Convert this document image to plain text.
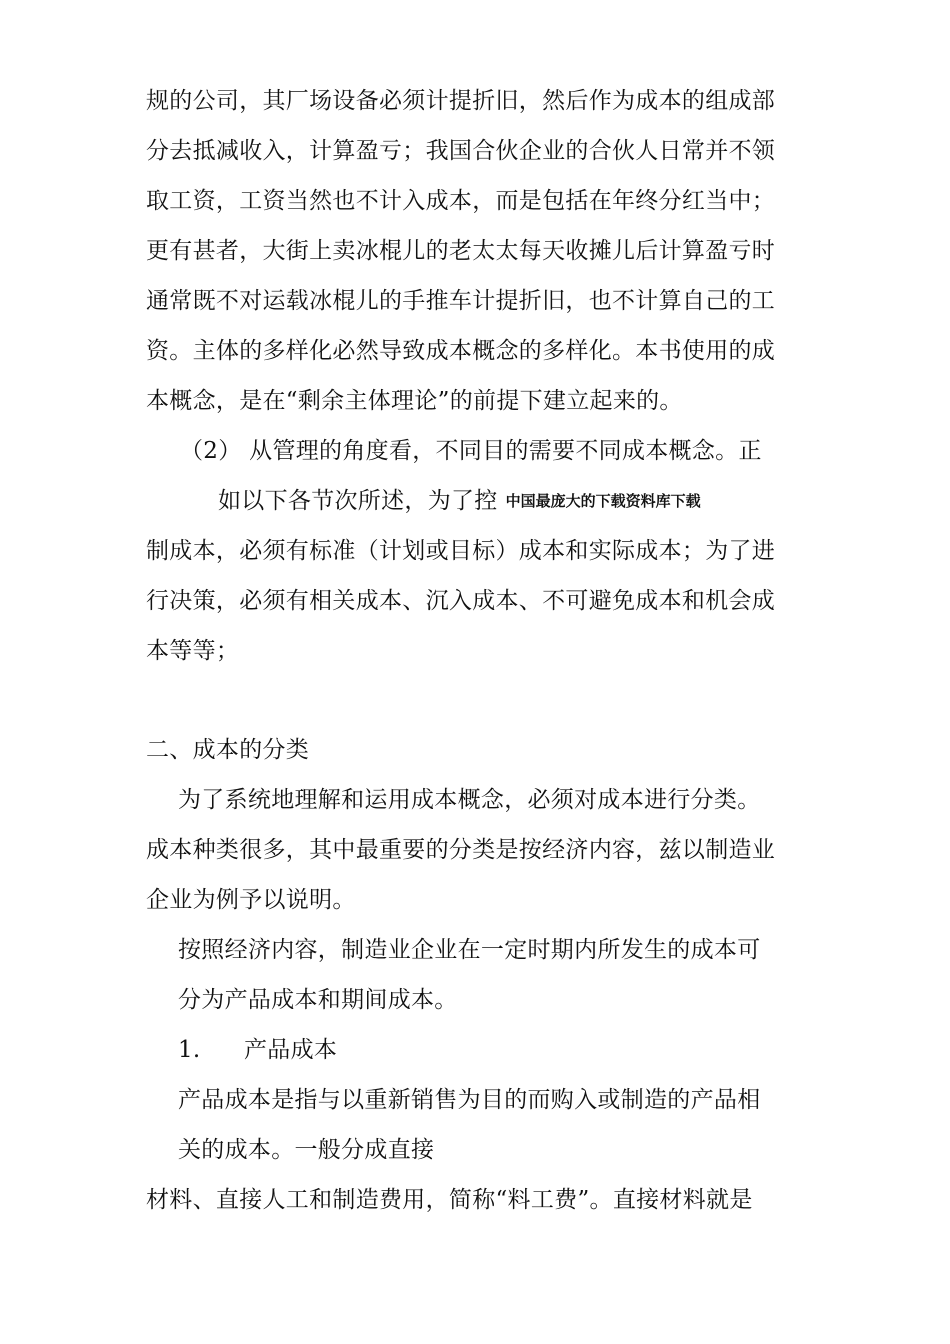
规的公司，其厂场设备必须计提折旧，然后作为成本的组成部
分去抵减收入，计算盈亏；我国合伙企业的合伙人日常并不领
取工资，工资当然也不计入成本，而是包括在年终分红当中；
更有甚者，大街上卖冰棍儿的老太太每天收摊儿后计算盈亏时
通常既不对运载冰棍儿的手推车计提折旧，也不计算自己的工
资。主体的多样化必然导致成本概念的多样化。本书使用的成
本概念，是在“剩余主体理论”的前提下建立起来的。
（2） 从管理的角度看，不同目的需要不同成本概念。正
如以下各节次所述，为了控 中国最庞大的下载资料库下载
制成本，必须有标准（计划或目标）成本和实际成本；为了进
行决策，必须有相关成本、沉入成本、不可避免成本和机会成
本等等；
二、成本的分类
为了系统地理解和运用成本概念，必须对成本进行分类。
成本种类很多，其中最重要的分类是按经济内容，兹以制造业
企业为例予以说明。
按照经济内容，制造业企业在一定时期内所发生的成本可
分为产品成本和期间成本。
1. 产品成本
产品成本是指与以重新销售为目的而购入或制造的产品相
关的成本。一般分成直接
材料、直接人工和制造费用，简称“料工费”。直接材料就是
